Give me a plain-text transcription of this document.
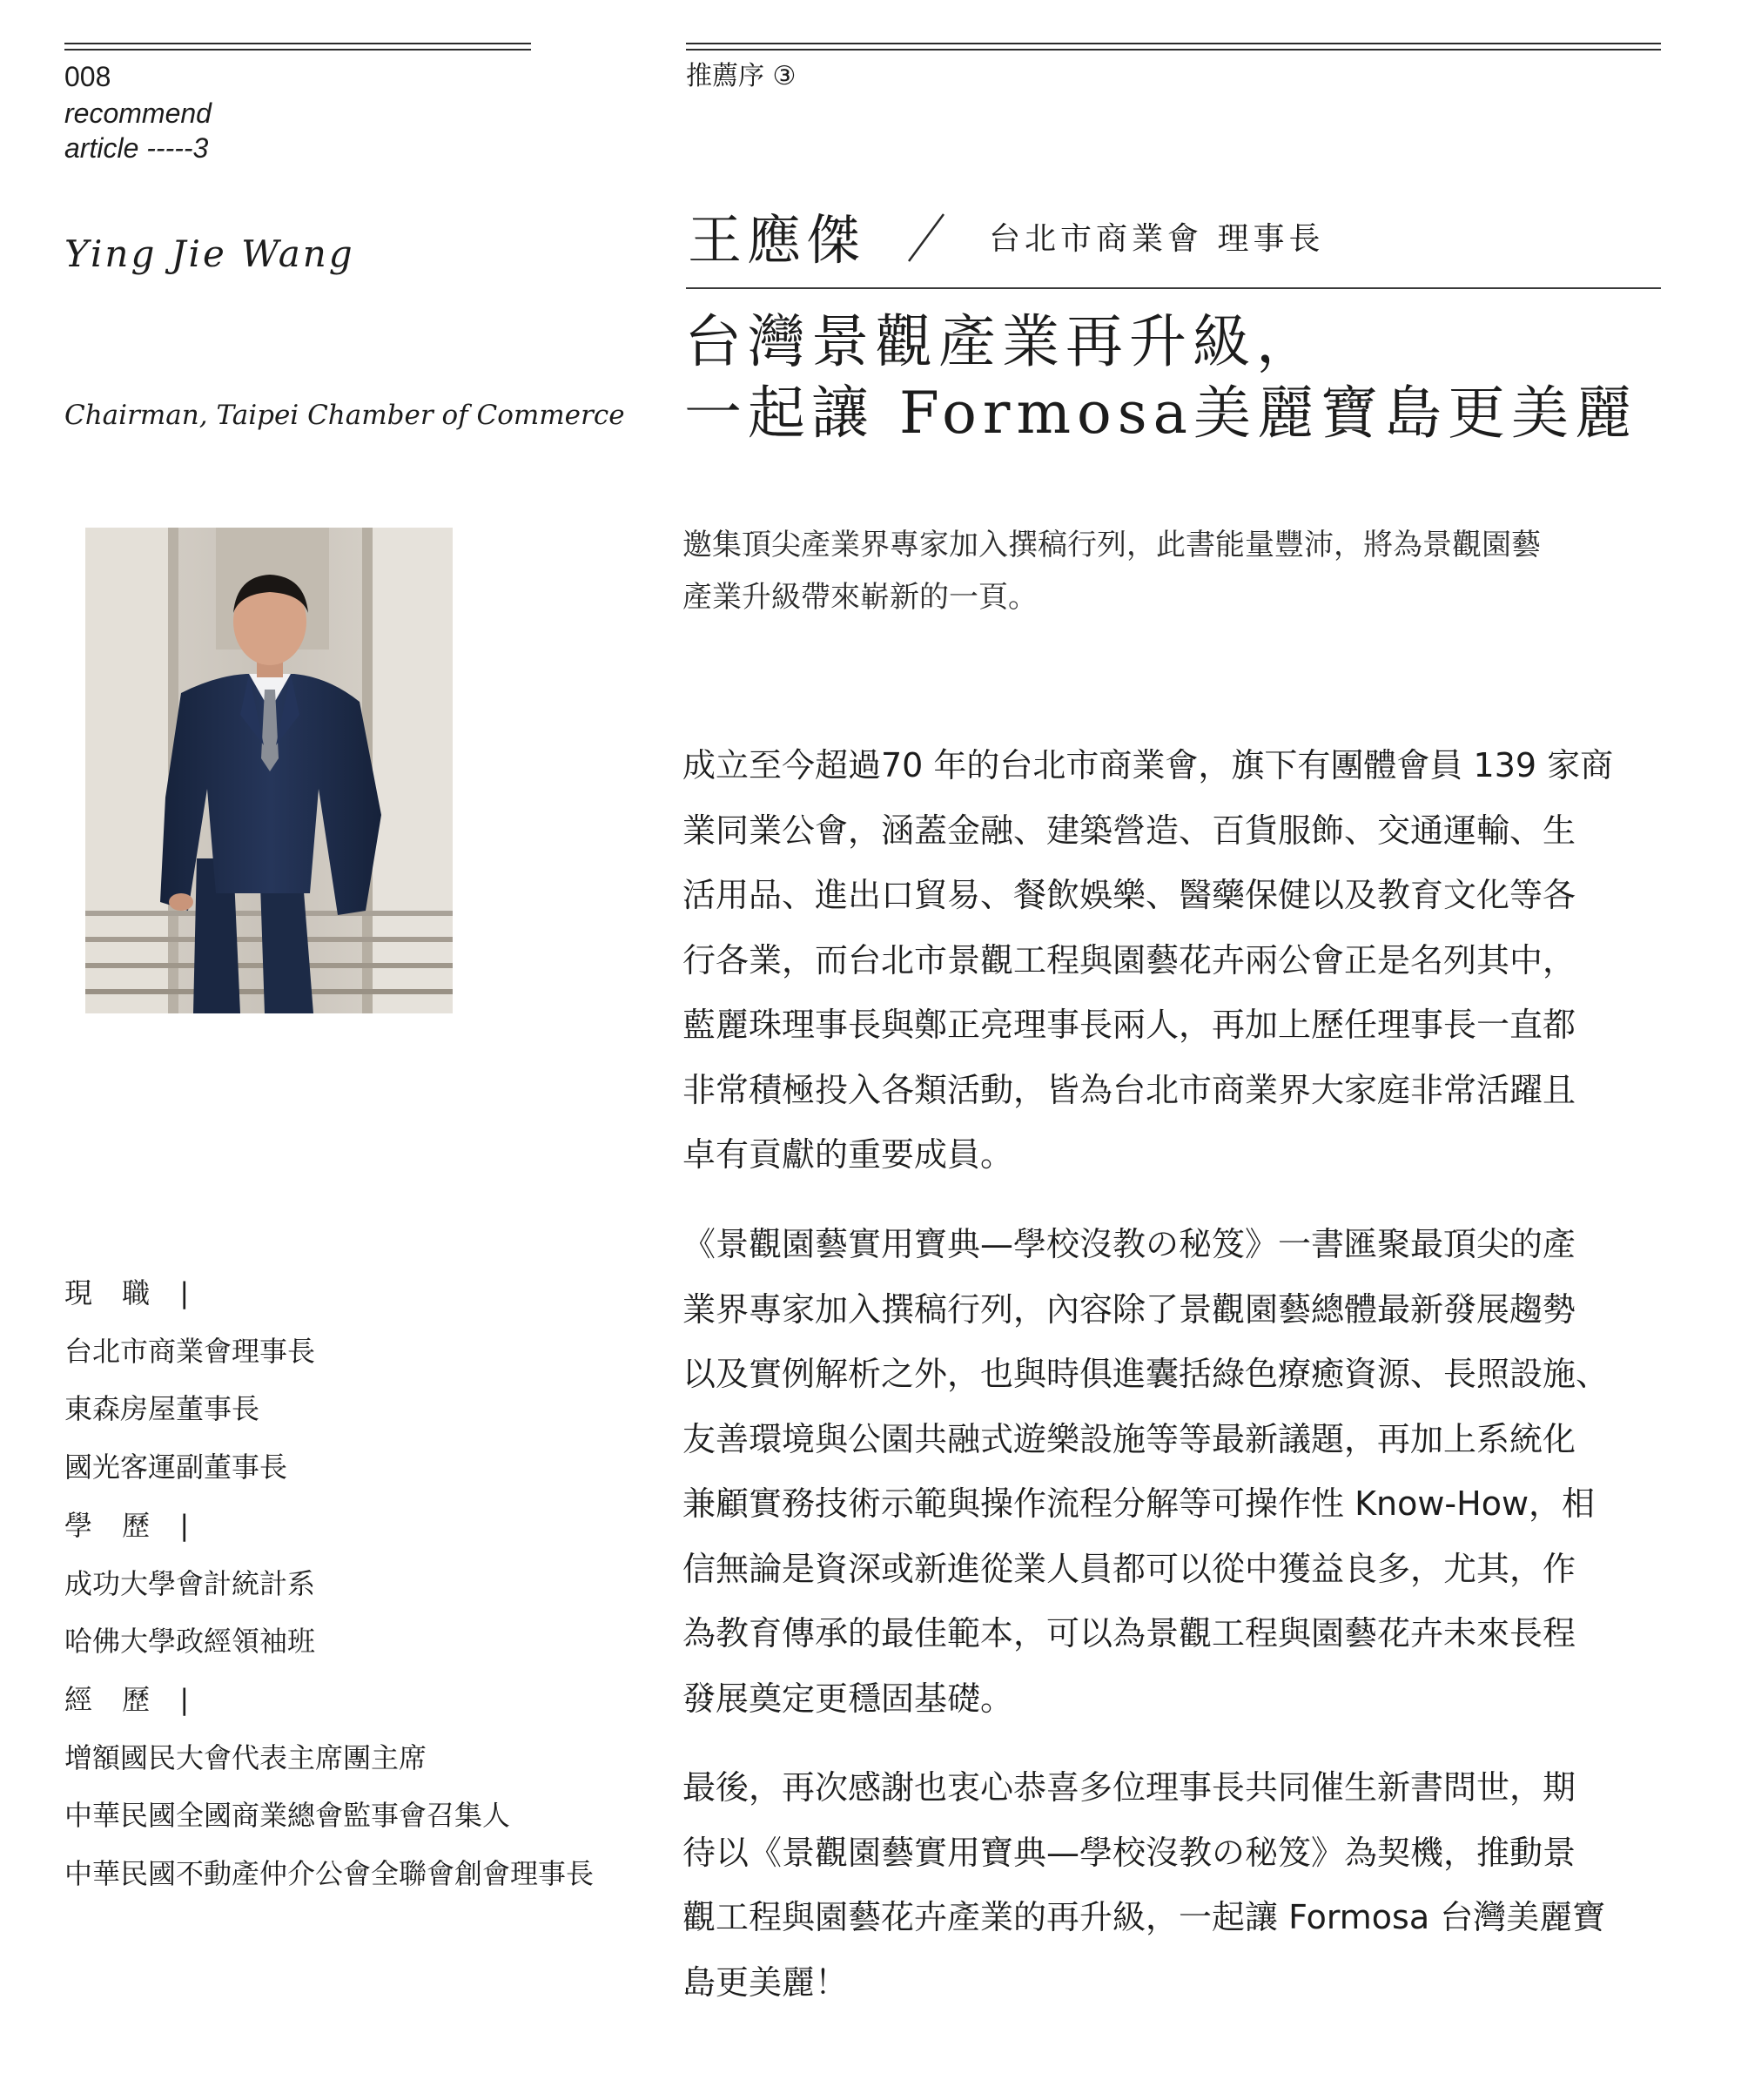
008
recommend
article -----3
推薦序 ③
Ying Jie Wang
Chairman, Taipei Chamber of Commerce
王應傑	台北市商業會 理事長
台灣景觀產業再升級，
一起讓 Formosa美麗寶島更美麗
邀集頂尖產業界專家加入撰稿行列，此書能量豐沛，將為景觀園藝
產業升級帶來嶄新的一頁。
成立至今超過70 年的台北市商業會，旗下有團體會員 139 家商
業同業公會，涵蓋金融、建築營造、百貨服飾、交通運輸、生
活用品、進出口貿易、餐飲娛樂、醫藥保健以及教育文化等各
行各業，而台北市景觀工程與園藝花卉兩公會正是名列其中，
藍麗珠理事長與鄭正亮理事長兩人，再加上歷任理事長一直都
非常積極投入各類活動，皆為台北市商業界大家庭非常活躍且
卓有貢獻的重要成員。
《景觀園藝實用寶典—學校沒教の秘笈》一書匯聚最頂尖的產
業界專家加入撰稿行列，內容除了景觀園藝總體最新發展趨勢
以及實例解析之外，也與時俱進囊括綠色療癒資源、長照設施、
友善環境與公園共融式遊樂設施等等最新議題，再加上系統化
兼顧實務技術示範與操作流程分解等可操作性 Know-How，相
信無論是資深或新進從業人員都可以從中獲益良多，尤其，作
為教育傳承的最佳範本，可以為景觀工程與園藝花卉未來長程
發展奠定更穩固基礎。
最後，再次感謝也衷心恭喜多位理事長共同催生新書問世，期
待以《景觀園藝實用寶典—學校沒教の秘笈》為契機，推動景
觀工程與園藝花卉產業的再升級，一起讓 Formosa 台灣美麗寶
島更美麗！
現 職 |
台北市商業會理事長
東森房屋董事長
國光客運副董事長
學 歷 |
成功大學會計統計系
哈佛大學政經領袖班
經 歷 |
增額國民大會代表主席團主席
中華民國全國商業總會監事會召集人
中華民國不動產仲介公會全聯會創會理事長
